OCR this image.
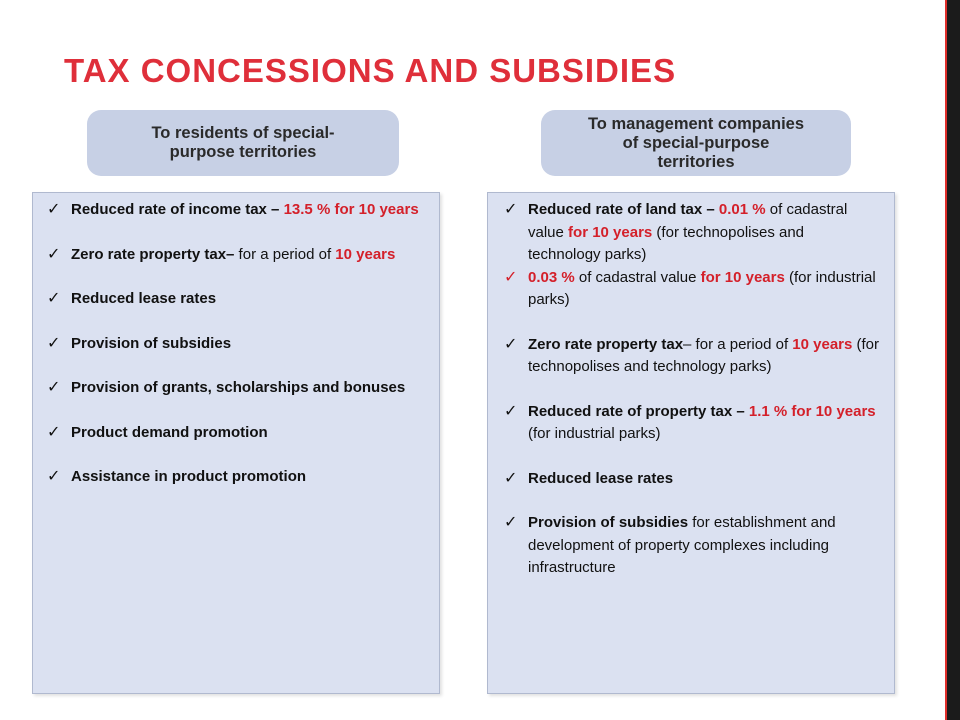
TAX CONCESSIONS AND SUBSIDIES
To residents of special-
purpose territories
To management companies
of special-purpose
territories
✓ Reduced rate of income tax – 13.5 % for 10 years
✓ Zero rate property tax– for a period of 10 years
✓ Reduced lease rates
✓ Provision of subsidies
✓ Provision of grants, scholarships and bonuses
✓ Product demand promotion
✓ Assistance in product promotion
✓ Reduced rate of land tax – 0.01 % of cadastral value for 10 years (for technopolises and technology parks)
✓ 0.03 % of cadastral value for 10 years (for industrial parks)
✓ Zero rate property tax– for a period of 10 years (for technopolises and technology parks)
✓ Reduced rate of property tax – 1.1 % for 10 years (for industrial parks)
✓ Reduced lease rates
✓ Provision of subsidies for establishment and development of property complexes including infrastructure
